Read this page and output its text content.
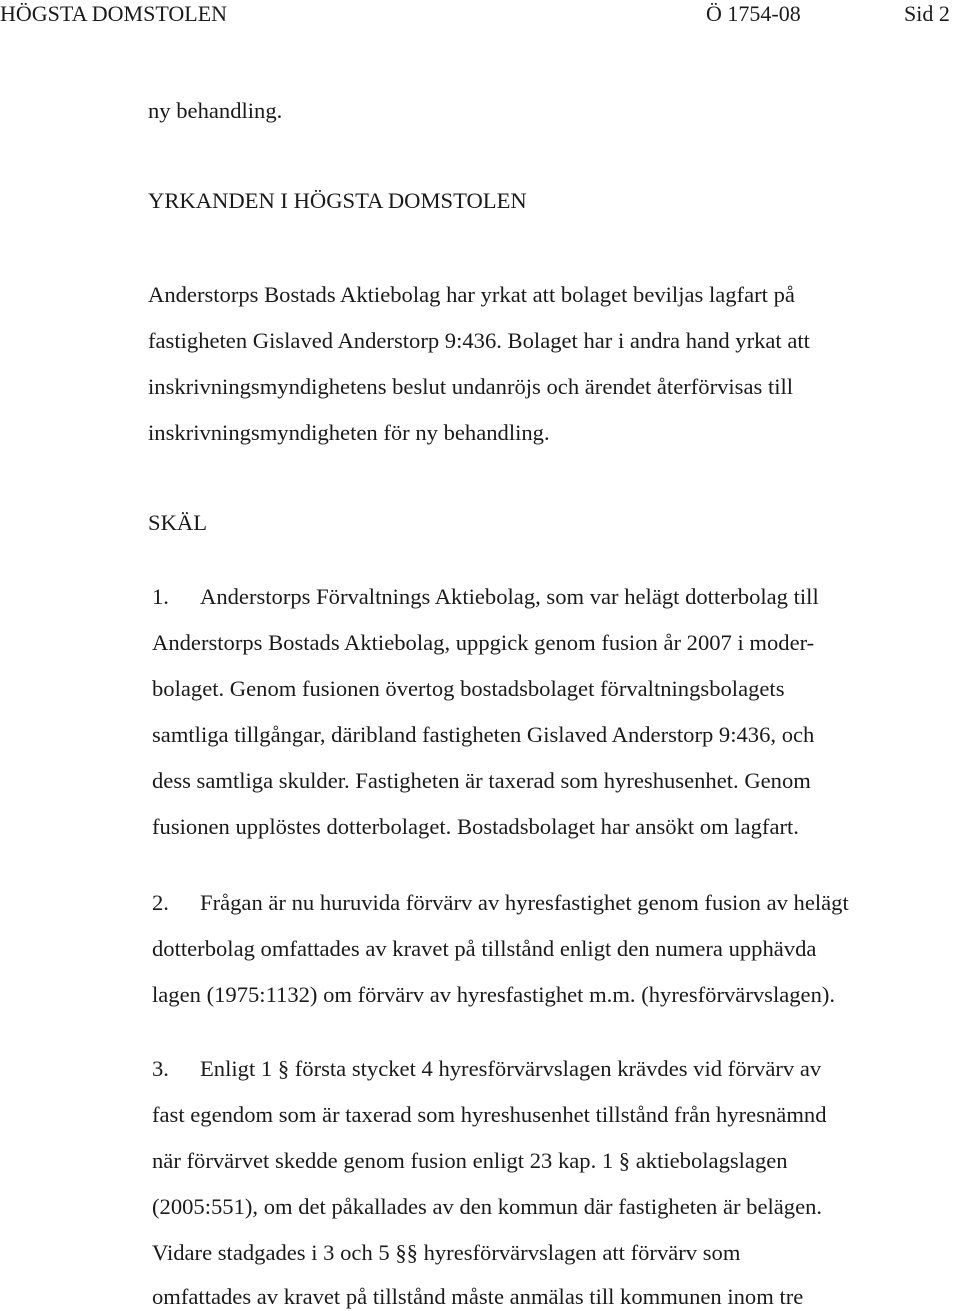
HÖGSTA DOMSTOLEN	Ö 1754-08	Sid 2
ny behandling.
YRKANDEN I HÖGSTA DOMSTOLEN
Anderstorps Bostads Aktiebolag har yrkat att bolaget beviljas lagfart på
fastigheten Gislaved Anderstorp 9:436. Bolaget har i andra hand yrkat att
inskrivningsmyndighetens beslut undanröjs och ärendet återförvisas till
inskrivningsmyndigheten för ny behandling.
SKÄL
1. Anderstorps Förvaltnings Aktiebolag, som var helägt dotterbolag till
Anderstorps Bostads Aktiebolag, uppgick genom fusion år 2007 i moder-
bolaget. Genom fusionen övertog bostadsbolaget förvaltningsbolagets
samtliga tillgångar, däribland fastigheten Gislaved Anderstorp 9:436, och
dess samtliga skulder. Fastigheten är taxerad som hyreshusenhet. Genom
fusionen upplöstes dotterbolaget. Bostadsbolaget har ansökt om lagfart.
2. Frågan är nu huruvida förvärv av hyresfastighet genom fusion av helägt
dotterbolag omfattades av kravet på tillstånd enligt den numera upphävda
lagen (1975:1132) om förvärv av hyresfastighet m.m. (hyresförvärvslagen).
3. Enligt 1 § första stycket 4 hyresförvärvslagen krävdes vid förvärv av
fast egendom som är taxerad som hyreshusenhet tillstånd från hyresnämnd
när förvärvet skedde genom fusion enligt 23 kap. 1 § aktiebolagslagen
(2005:551), om det påkallades av den kommun där fastigheten är belägen.
Vidare stadgades i 3 och 5 §§ hyresförvärvslagen att förvärv som
omfattades av kravet på tillstånd måste anmälas till kommunen inom tre
